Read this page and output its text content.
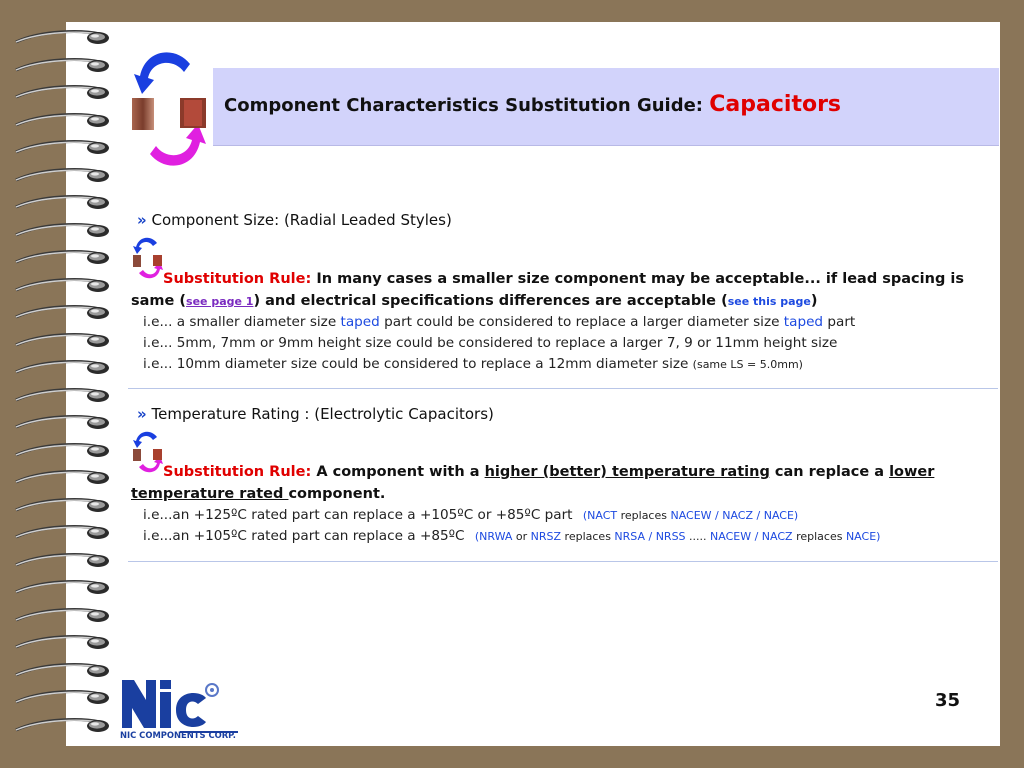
Component Characteristics Substitution Guide: Capacitors
» Component Size: (Radial Leaded Styles)
Substitution Rule: In many cases a smaller size component may be acceptable... if lead spacing is same (see page 1) and electrical specifications differences are acceptable (see this page)
i.e... a smaller diameter size taped part could be considered to replace a larger diameter size taped part
i.e... 5mm, 7mm or 9mm height size could be considered to replace a larger 7, 9 or 11mm height size
i.e... 10mm diameter size could be considered to replace a 12mm diameter size (same LS = 5.0mm)
» Temperature Rating : (Electrolytic Capacitors)
Substitution Rule: A component with a higher (better) temperature rating can replace a lower temperature rated component.
i.e...an +125ºC rated part can replace a +105ºC or +85ºC part (NACT replaces NACEW / NACZ / NACE)
i.e...an +105ºC rated part can replace a +85ºC (NRWA or NRSZ replaces NRSA / NRSS ..... NACEW / NACZ replaces NACE)
NIC COMPONENTS CORP.
35
